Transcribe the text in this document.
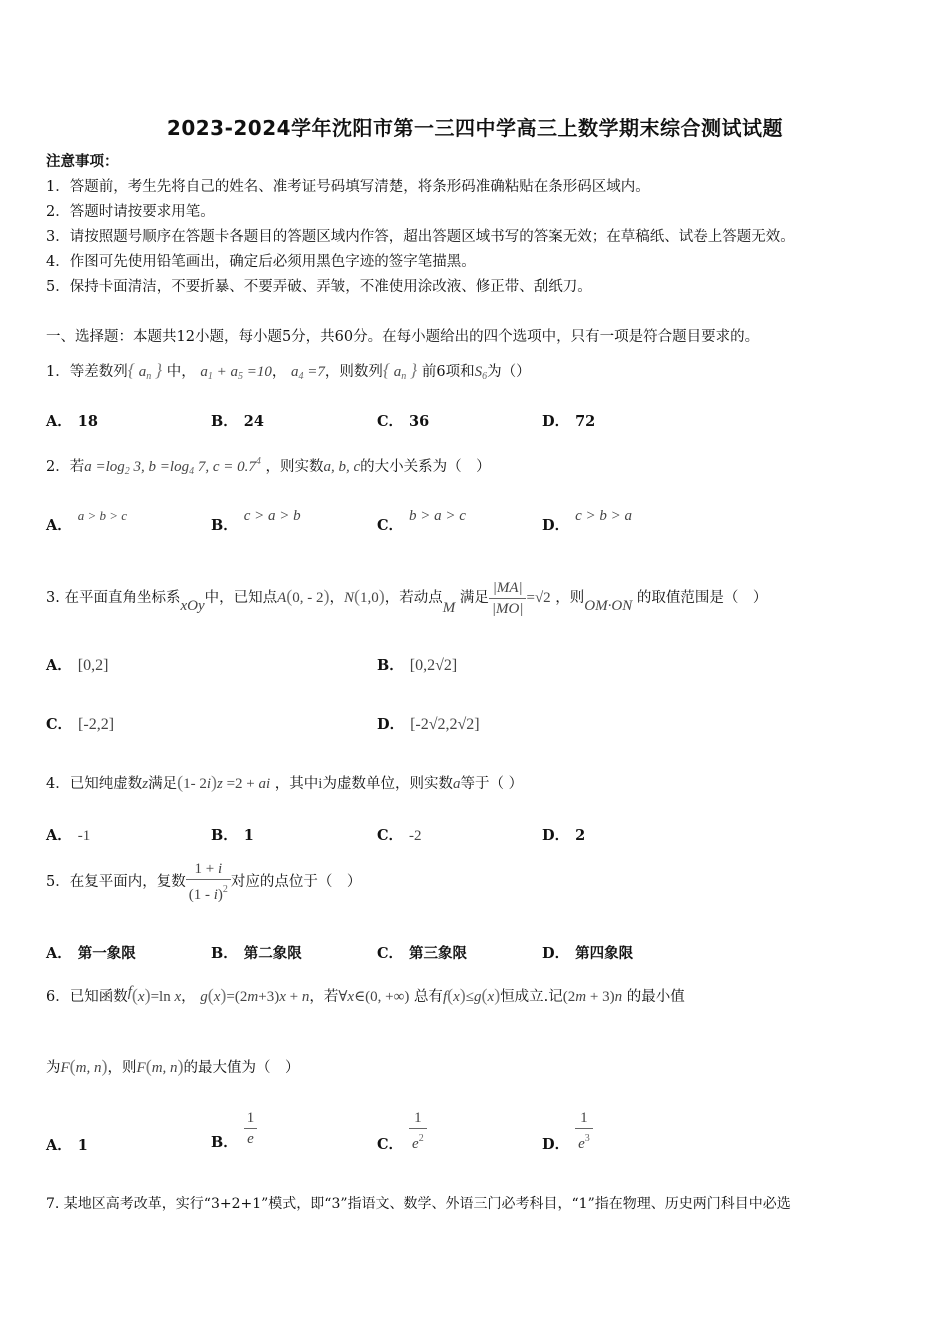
2023-2024学年沈阳市第一三四中学高三上数学期末综合测试试题
注意事项：
1．答题前，考生先将自己的姓名、准考证号码填写清楚，将条形码准确粘贴在条形码区域内。
2．答题时请按要求用笔。
3．请按照题号顺序在答题卡各题目的答题区域内作答，超出答题区域书写的答案无效；在草稿纸、试卷上答题无效。
4．作图可先使用铅笔画出，确定后必须用黑色字迹的签字笔描黑。
5．保持卡面清洁，不要折暴、不要弄破、弄皱，不准使用涂改液、修正带、刮纸刀。
一、选择题：本题共12小题，每小题5分，共60分。在每小题给出的四个选项中，只有一项是符合题目要求的。
1．等差数列{ $a_n$ } 中， $a_1 + a_5 =10$， $a_4 =7$，则数列{ $a_n$ } 前6项和$S_6$为（）
A． 18	B． 24	C． 36	D． 72
2．若$a =\log_2$ 3, $b =\log_4$ 7, $c = 0.7^4$ ，则实数a, b, c的大小关系为（　）
A．a > b > c
B．c > a > b
C．b > a > c
D．c > b > a
3. 在平面直角坐标系xOy中，已知点A(0, - 2)，N(1,0)，若动点M 满足 $\frac{|MA|}{|MO|} =√2$ ，则OM·ON 的取值范围是（　）
A． [0,2]	B． [0,2√2]
C． [-2,2]	D． [-2√2,2√2]
4．已知纯虚数z满足(1- 2i)z =2 + ai ，其中i为虚数单位，则实数a等于（ ）
A． -1	B． 1	C． -2	D． 2
5．在复平面内，复数 $\frac{1 + i}{(1 - i)^2}$ 对应的点位于（　）
A． 第一象限	B． 第二象限	C． 第三象限	D． 第四象限
6．已知函数f(x)=ln x， g(x)=(2m+3)x + n，若∀x∈(0, +∞) 总有f(x)≤g(x)恒成立.记(2m + 3)n 的最小值
为F(m, n)，则F(m, n)的最大值为（　）
A． 1	B． $\frac{1}{e}$	C． $\frac{1}{e^2}$	D． $\frac{1}{e^3}$
7. 某地区高考改革，实行“3+2+1”模式，即“3”指语文、数学、外语三门必考科目，“1”指在物理、历史两门科目中必选
